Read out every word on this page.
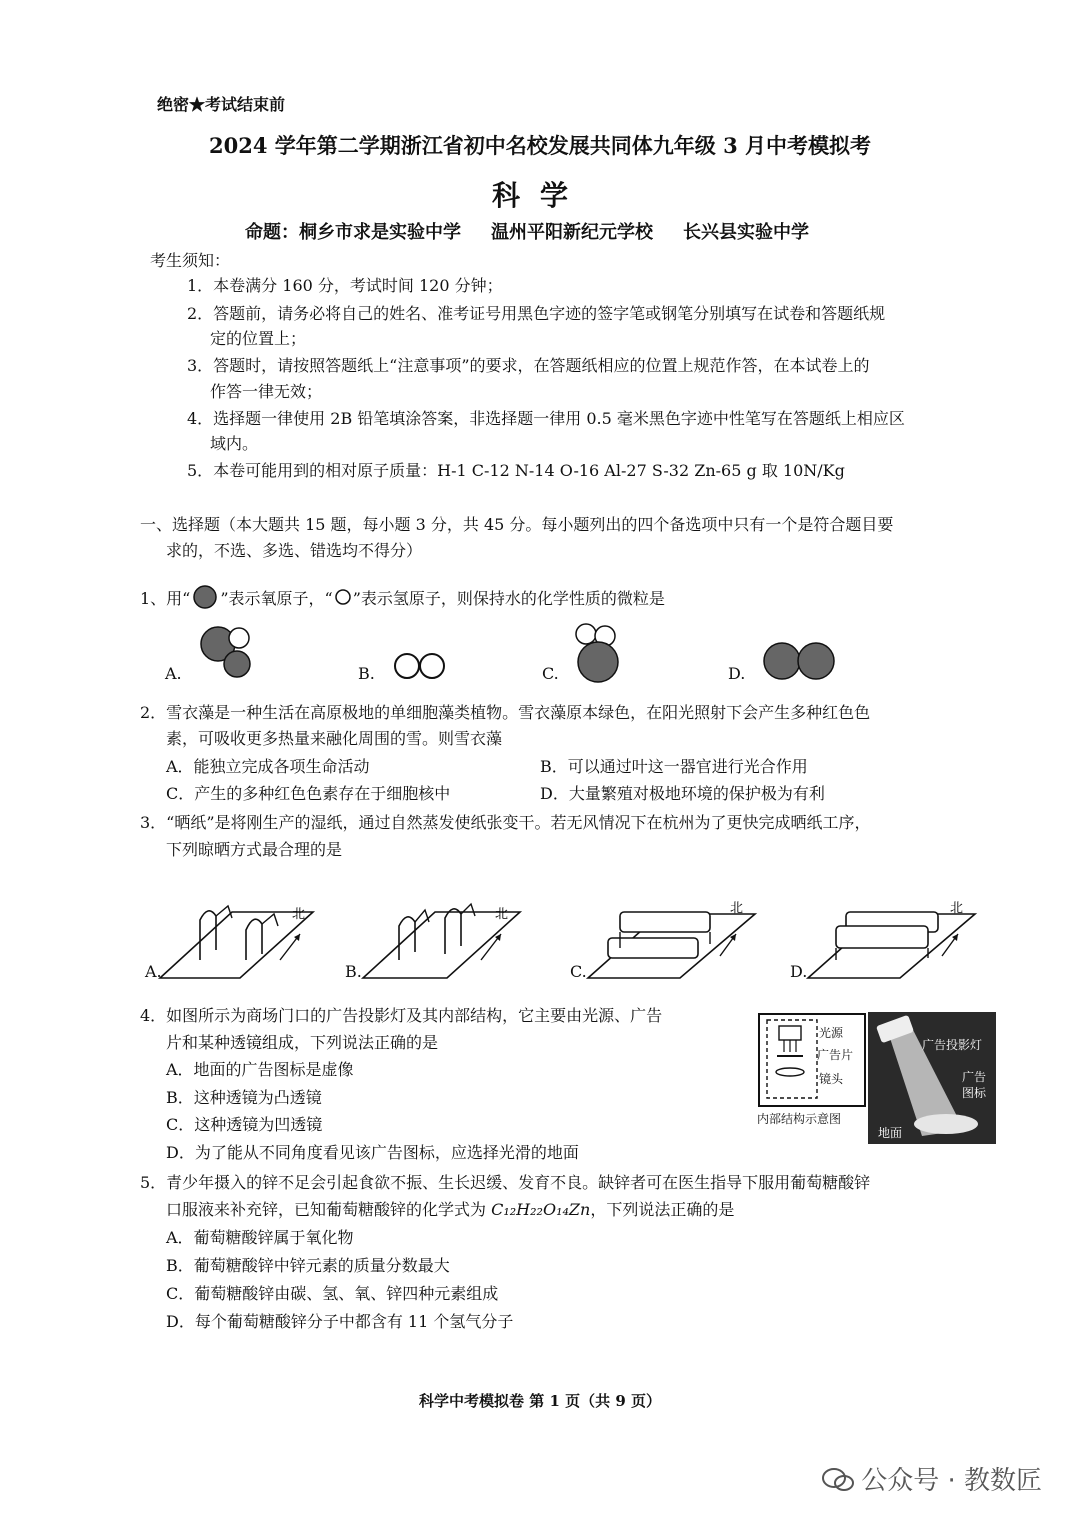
绝密★考试结束前
2024 学年第二学期浙江省初中名校发展共同体九年级 3 月中考模拟考
科学
命题：桐乡市求是实验中学 温州平阳新纪元学校 长兴县实验中学
考生须知：
1．本卷满分 160 分，考试时间 120 分钟；
2．答题前，请务必将自己的姓名、准考证号用黑色字迹的签字笔或钢笔分别填写在试卷和答题纸规
定的位置上；
3．答题时，请按照答题纸上“注意事项”的要求，在答题纸相应的位置上规范作答，在本试卷上的
作答一律无效；
4．选择题一律使用 2B 铅笔填涂答案，非选择题一律用 0.5 毫米黑色字迹中性笔写在答题纸上相应区
域内。
5．本卷可能用到的相对原子质量：H-1 C-12 N-14 O-16 Al-27 S-32 Zn-65 g 取 10N/Kg
一、选择题（本大题共 15 题，每小题 3 分，共 45 分。每小题列出的四个备选项中只有一个是符合题目要
求的，不选、多选、错选均不得分）
1、用“ ”表示氧原子，“ ”表示氢原子，则保持水的化学性质的微粒是
A.	B.	C.	D.
2．雪衣藻是一种生活在高原极地的单细胞藻类植物。雪衣藻原本绿色，在阳光照射下会产生多种红色色
素，可吸收更多热量来融化周围的雪。则雪衣藻
A．能独立完成各项生命活动	B．可以通过叶这一器官进行光合作用
C．产生的多种红色色素存在于细胞核中	D．大量繁殖对极地环境的保护极为有利
3．“晒纸”是将刚生产的湿纸，通过自然蒸发使纸张变干。若无风情况下在杭州为了更快完成晒纸工序，
下列晾晒方式最合理的是
A.
北
B.
北
C.
北
D.
北
4．如图所示为商场门口的广告投影灯及其内部结构，它主要由光源、广告
片和某种透镜组成，下列说法正确的是
A．地面的广告图标是虚像
B．这种透镜为凸透镜
C．这种透镜为凹透镜
D．为了能从不同角度看见该广告图标，应选择光滑的地面
光源
广告片
镜头
内部结构示意图
广告投影灯
广告
图标
地面
5．青少年摄入的锌不足会引起食欲不振、生长迟缓、发育不良。缺锌者可在医生指导下服用葡萄糖酸锌
口服液来补充锌，已知葡萄糖酸锌的化学式为 C₁₂H₂₂O₁₄Zn，下列说法正确的是
A．葡萄糖酸锌属于氧化物
B．葡萄糖酸锌中锌元素的质量分数最大
C．葡萄糖酸锌由碳、氢、氧、锌四种元素组成
D．每个葡萄糖酸锌分子中都含有 11 个氢气分子
科学中考模拟卷 第 1 页（共 9 页）
公众号 · 教数匠
